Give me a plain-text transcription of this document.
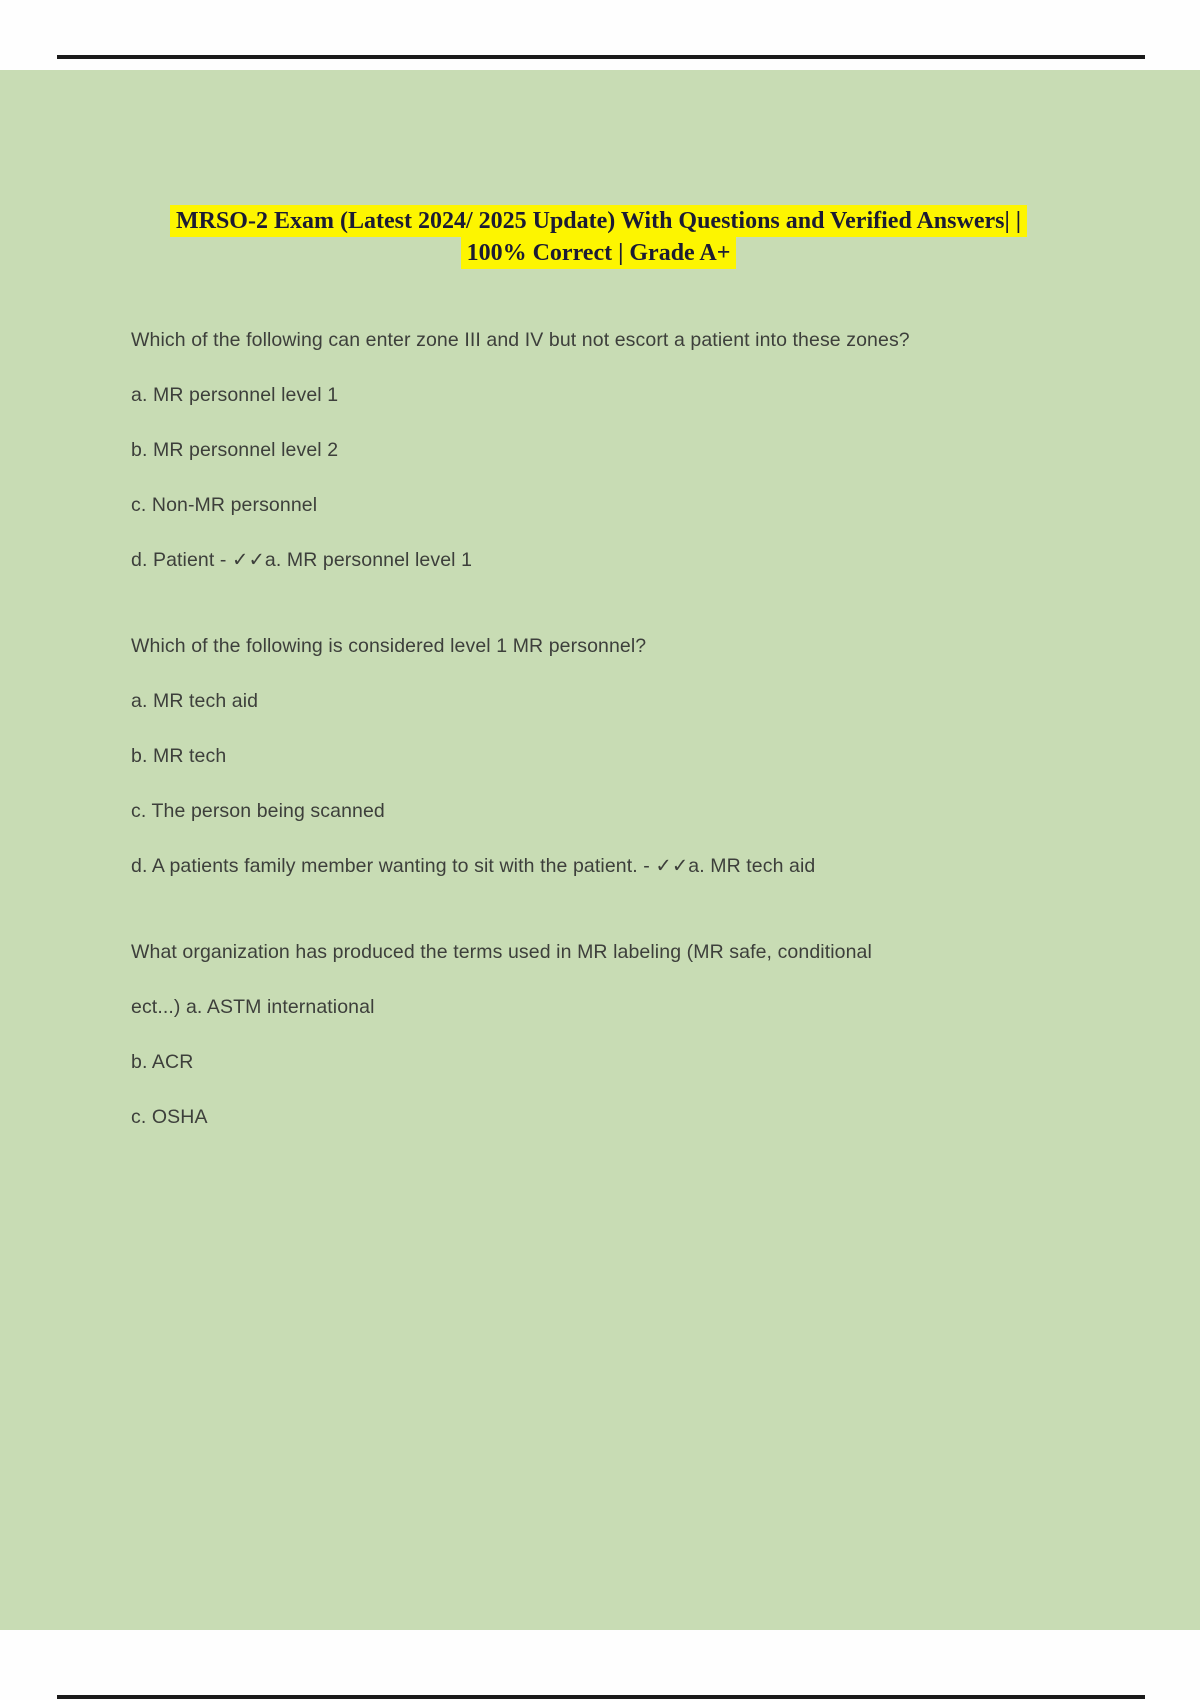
MRSO-2 Exam (Latest 2024/ 2025 Update) With Questions and Verified Answers| |
100% Correct | Grade A+

Which of the following can enter zone III and IV but not escort a patient into these zones?

a. MR personnel level 1

b. MR personnel level 2

c. Non-MR personnel

d. Patient - ✓✓a. MR personnel level 1

Which of the following is considered level 1 MR personnel?

a. MR tech aid

b. MR tech

c. The person being scanned

d. A patients family member wanting to sit with the patient. - ✓✓a. MR tech aid

What organization has produced the terms used in MR labeling (MR safe, conditional

ect...) a. ASTM international

b. ACR

c. OSHA
